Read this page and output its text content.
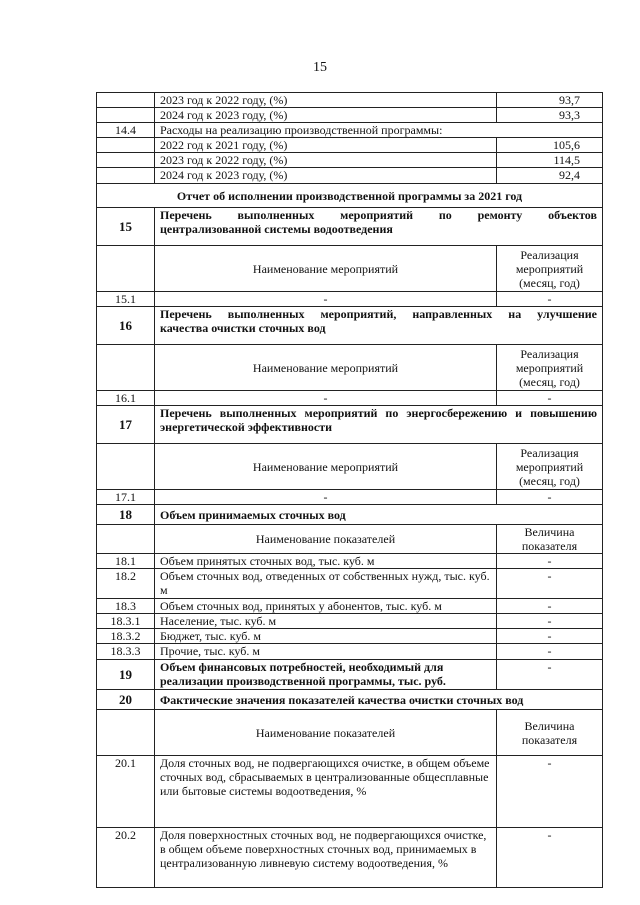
15
	2023 год к 2022 году, (%)	93,7
	2024 год к 2023 году, (%)	93,3
14.4	Расходы на реализацию производственной программы:	
	2022 год к 2021 году, (%)	105,6
	2023 год к 2022 году, (%)	114,5
	2024 год к 2023 году, (%)	92,4
Отчет об исполнении производственной программы за 2021 год		
15	Перечень выполненных мероприятий по ремонту объектов
централизованной системы водоотведения	

	Наименование мероприятий	Реализация мероприятий (месяц, год)
15.1	-	-
16	Перечень выполненных мероприятий, направленных на улучшение
качества очистки сточных вод	

	Наименование мероприятий	Реализация мероприятий (месяц, год)
16.1	-	-
17	Перечень выполненных мероприятий по энергосбережению и повышению
энергетической эффективности	

	Наименование мероприятий	Реализация мероприятий (месяц, год)
17.1	-	-
18	Объем принимаемых сточных вод	
	Наименование показателей	Величина показателя
18.1	Объем принятых сточных вод, тыс. куб. м	-
18.2	Объем сточных вод, отведенных от собственных нужд, тыс. куб. м	-
18.3	Объем сточных вод, принятых у абонентов, тыс. куб. м	-
18.3.1	Население, тыс. куб. м	-
18.3.2	Бюджет, тыс. куб. м	-
18.3.3	Прочие, тыс. куб. м	-
19	Объем финансовых потребностей, необходимый для реализации производственной программы, тыс. руб.	-
20	Фактические значения показателей качества очистки сточных вод	
	Наименование показателей	Величина показателя
20.1	Доля сточных вод, не подвергающихся очистке, в общем объеме сточных вод, сбрасываемых в централизованные общесплавные или бытовые системы водоотведения, %	-
20.2	Доля поверхностных сточных вод, не подвергающихся очистке, в общем объеме поверхностных сточных вод, принимаемых в централизованную ливневую систему водоотведения, %	-
